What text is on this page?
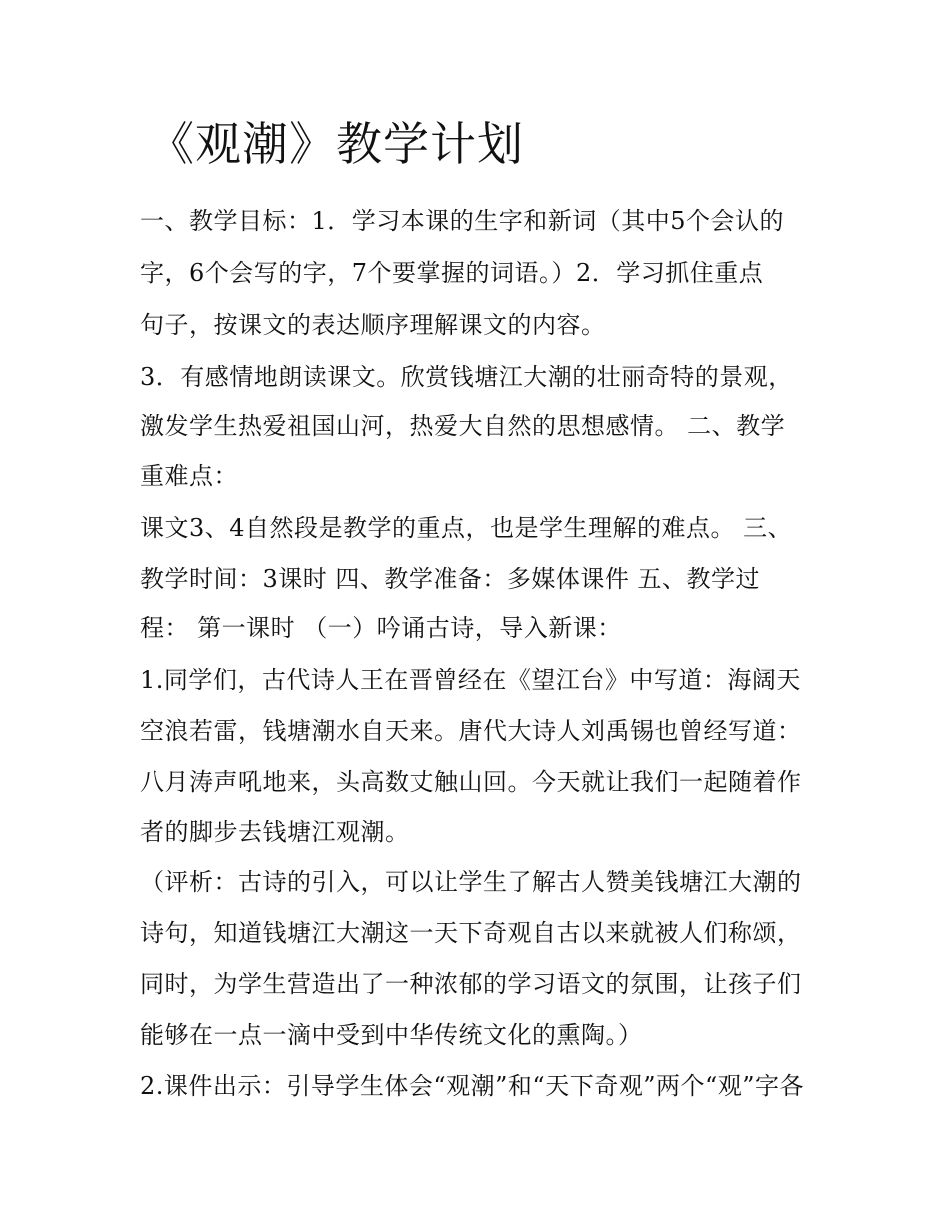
《观潮》教学计划
一、教学目标：1．学习本课的生字和新词（其中5个会认的
字，6个会写的字，7个要掌握的词语。）2．学习抓住重点
句子，按课文的表达顺序理解课文的内容。
3．有感情地朗读课文。欣赏钱塘江大潮的壮丽奇特的景观，
激发学生热爱祖国山河，热爱大自然的思想感情。 二、教学
重难点：
课文3、4自然段是教学的重点，也是学生理解的难点。 三、
教学时间：3课时 四、教学准备：多媒体课件 五、教学过
程： 第一课时 （一）吟诵古诗，导入新课：
1.同学们，古代诗人王在晋曾经在《望江台》中写道：海阔天
空浪若雷，钱塘潮水自天来。唐代大诗人刘禹锡也曾经写道：
八月涛声吼地来，头高数丈触山回。今天就让我们一起随着作
者的脚步去钱塘江观潮。
（评析：古诗的引入，可以让学生了解古人赞美钱塘江大潮的
诗句，知道钱塘江大潮这一天下奇观自古以来就被人们称颂，
同时，为学生营造出了一种浓郁的学习语文的氛围，让孩子们
能够在一点一滴中受到中华传统文化的熏陶。）
2.课件出示：引导学生体会“观潮”和“天下奇观”两个“观”字各
